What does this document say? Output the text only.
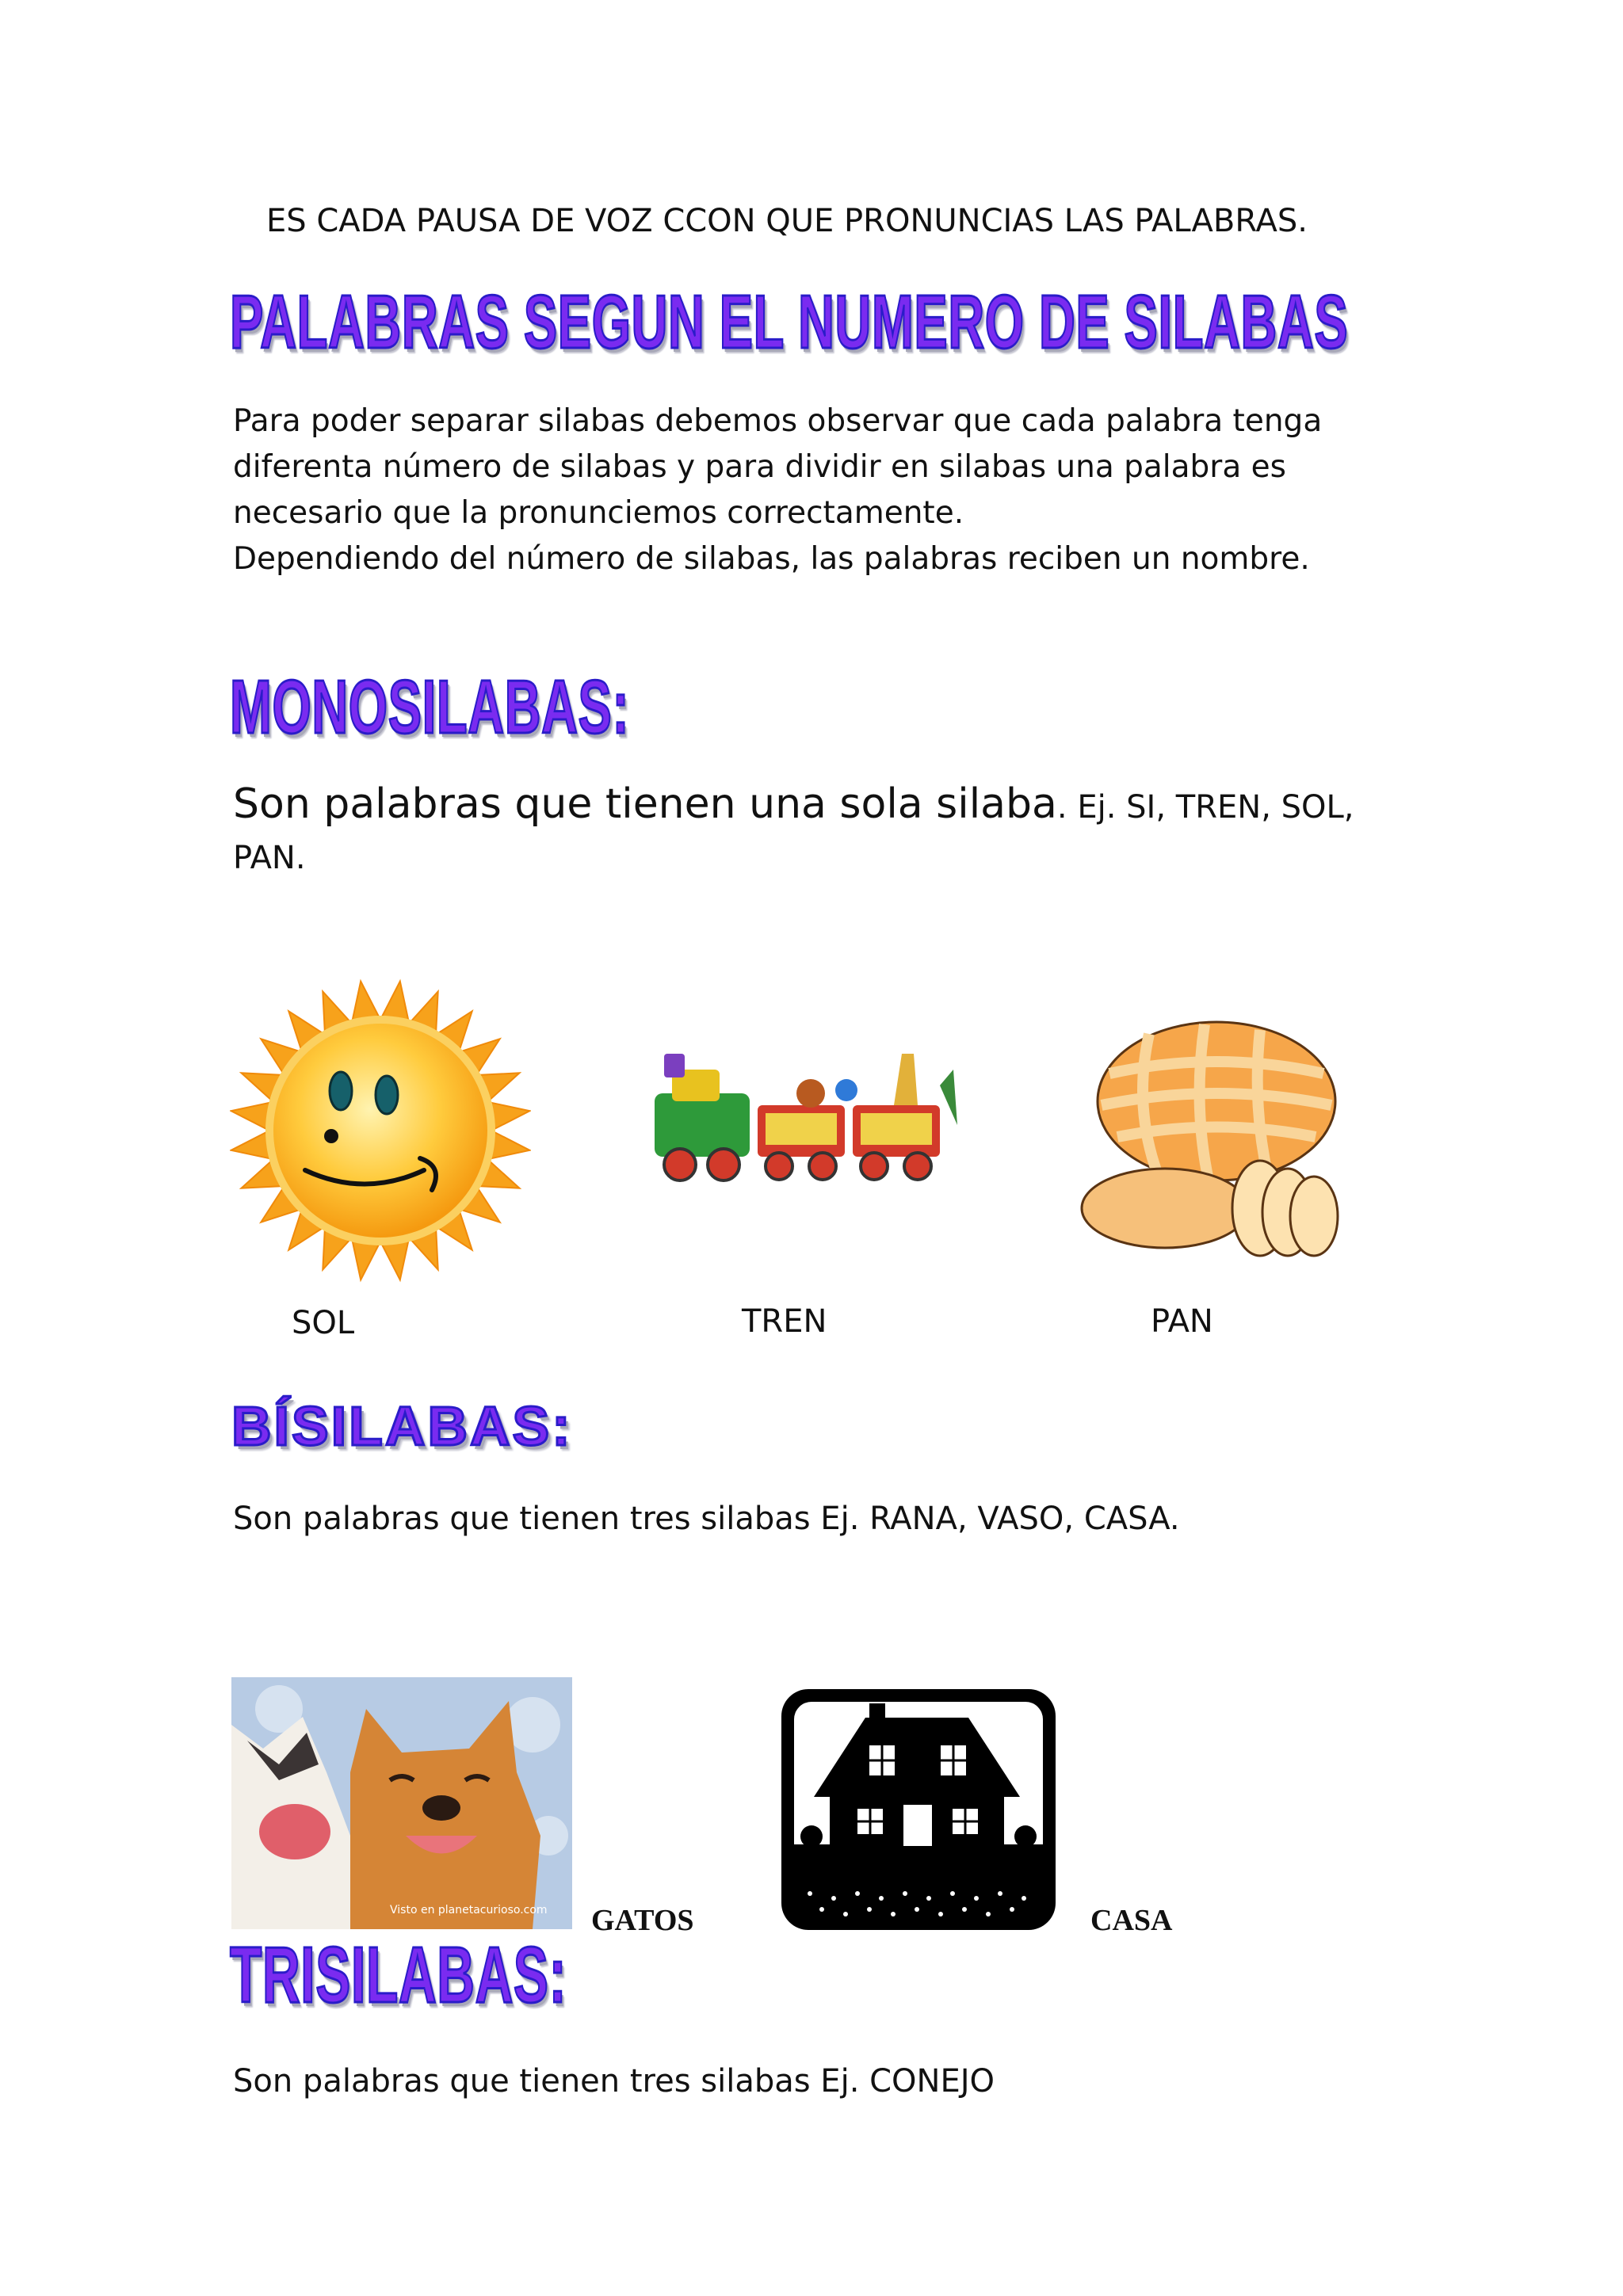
ES CADA PAUSA DE VOZ CCON QUE PRONUNCIAS LAS PALABRAS.
PALABRAS SEGUN EL NUMERO DE SILABAS
Para poder separar silabas debemos observar que cada palabra tenga
diferenta número de silabas y para dividir en silabas una palabra es
necesario que la pronunciemos correctamente.
Dependiendo del número de silabas, las palabras reciben un nombre.
MONOSILABAS:
Son palabras que tienen una sola silaba. Ej. SI, TREN, SOL,
PAN.
SOL	TREN	PAN
BÍSILABAS:
Son palabras que tienen tres silabas Ej. RANA, VASO, CASA.
Visto en planetacurioso.com GATOS	CASA
TRISILABAS:
Son palabras que tienen tres silabas Ej. CONEJO
